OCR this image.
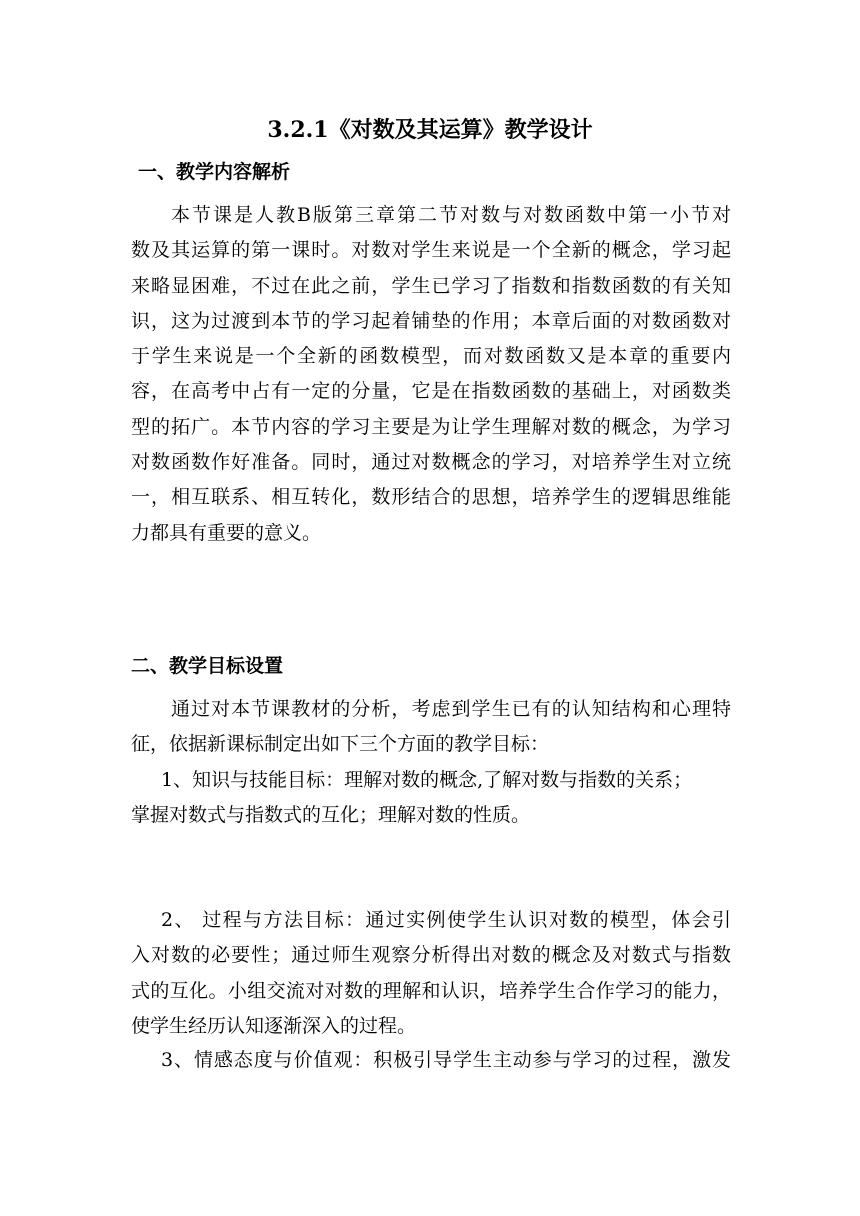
3.2.1《对数及其运算》教学设计
一、教学内容解析
本节课是人教B版第三章第二节对数与对数函数中第一小节对
数及其运算的第一课时。对数对学生来说是一个全新的概念，学习起
来略显困难，不过在此之前，学生已学习了指数和指数函数的有关知
识，这为过渡到本节的学习起着铺垫的作用；本章后面的对数函数对
于学生来说是一个全新的函数模型，而对数函数又是本章的重要内
容，在高考中占有一定的分量，它是在指数函数的基础上，对函数类
型的拓广。本节内容的学习主要是为让学生理解对数的概念，为学习
对数函数作好准备。同时，通过对数概念的学习，对培养学生对立统
一，相互联系、相互转化，数形结合的思想，培养学生的逻辑思维能
力都具有重要的意义。
二、教学目标设置
通过对本节课教材的分析，考虑到学生已有的认知结构和心理特
征，依据新课标制定出如下三个方面的教学目标：
1、知识与技能目标：理解对数的概念,了解对数与指数的关系；
掌握对数式与指数式的互化；理解对数的性质。
2、 过程与方法目标：通过实例使学生认识对数的模型，体会引
入对数的必要性；通过师生观察分析得出对数的概念及对数式与指数
式的互化。小组交流对对数的理解和认识，培养学生合作学习的能力，
使学生经历认知逐渐深入的过程。
3、情感态度与价值观：积极引导学生主动参与学习的过程，激发
